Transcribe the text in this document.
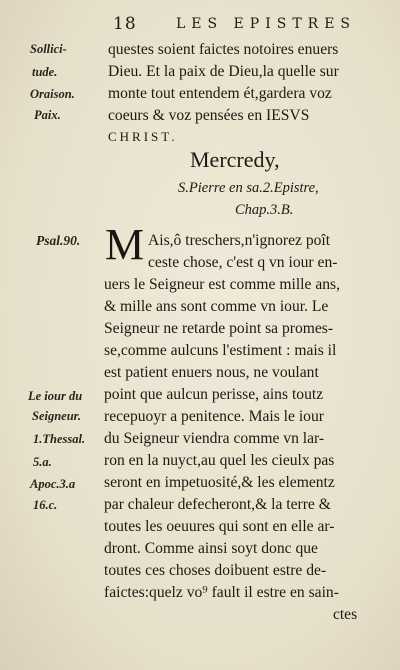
18	LES EPISTRES
Sollici-
tude.
Oraison.
Paix.
Psal.90.
Le iour du
Seigneur.
1.Thessal.
5.a.
Apoc.3.a
16.c.
questes soient faictes notoires enuers
Dieu. Et la paix de Dieu,la quelle sur
monte tout entendem ét,gardera voz
coeurs & voz pensées en IESVS
CHRIST.
Mercredy,
S.Pierre en sa.2.Epistre,
Chap.3.B.
M Ais,ô treschers,n'ignorez poît
ceste chose, c'est q vn iour en-
uers le Seigneur est comme mille ans,
& mille ans sont comme vn iour. Le
Seigneur ne retarde point sa promes-
se,comme aulcuns l'estiment : mais il
est patient enuers nous, ne voulant
point que aulcun perisse, ains toutz
recepuoyr a penitence. Mais le iour
du Seigneur viendra comme vn lar-
ron en la nuyct,au quel les cieulx pas
seront en impetuosité,& les elementz
par chaleur defecheront,& la terre &
toutes les oeuures qui sont en elle ar-
dront. Comme ainsi soyt donc que
toutes ces choses doibuent estre de-
faictes:quelz vo⁹ fault il estre en sain-
ctes
